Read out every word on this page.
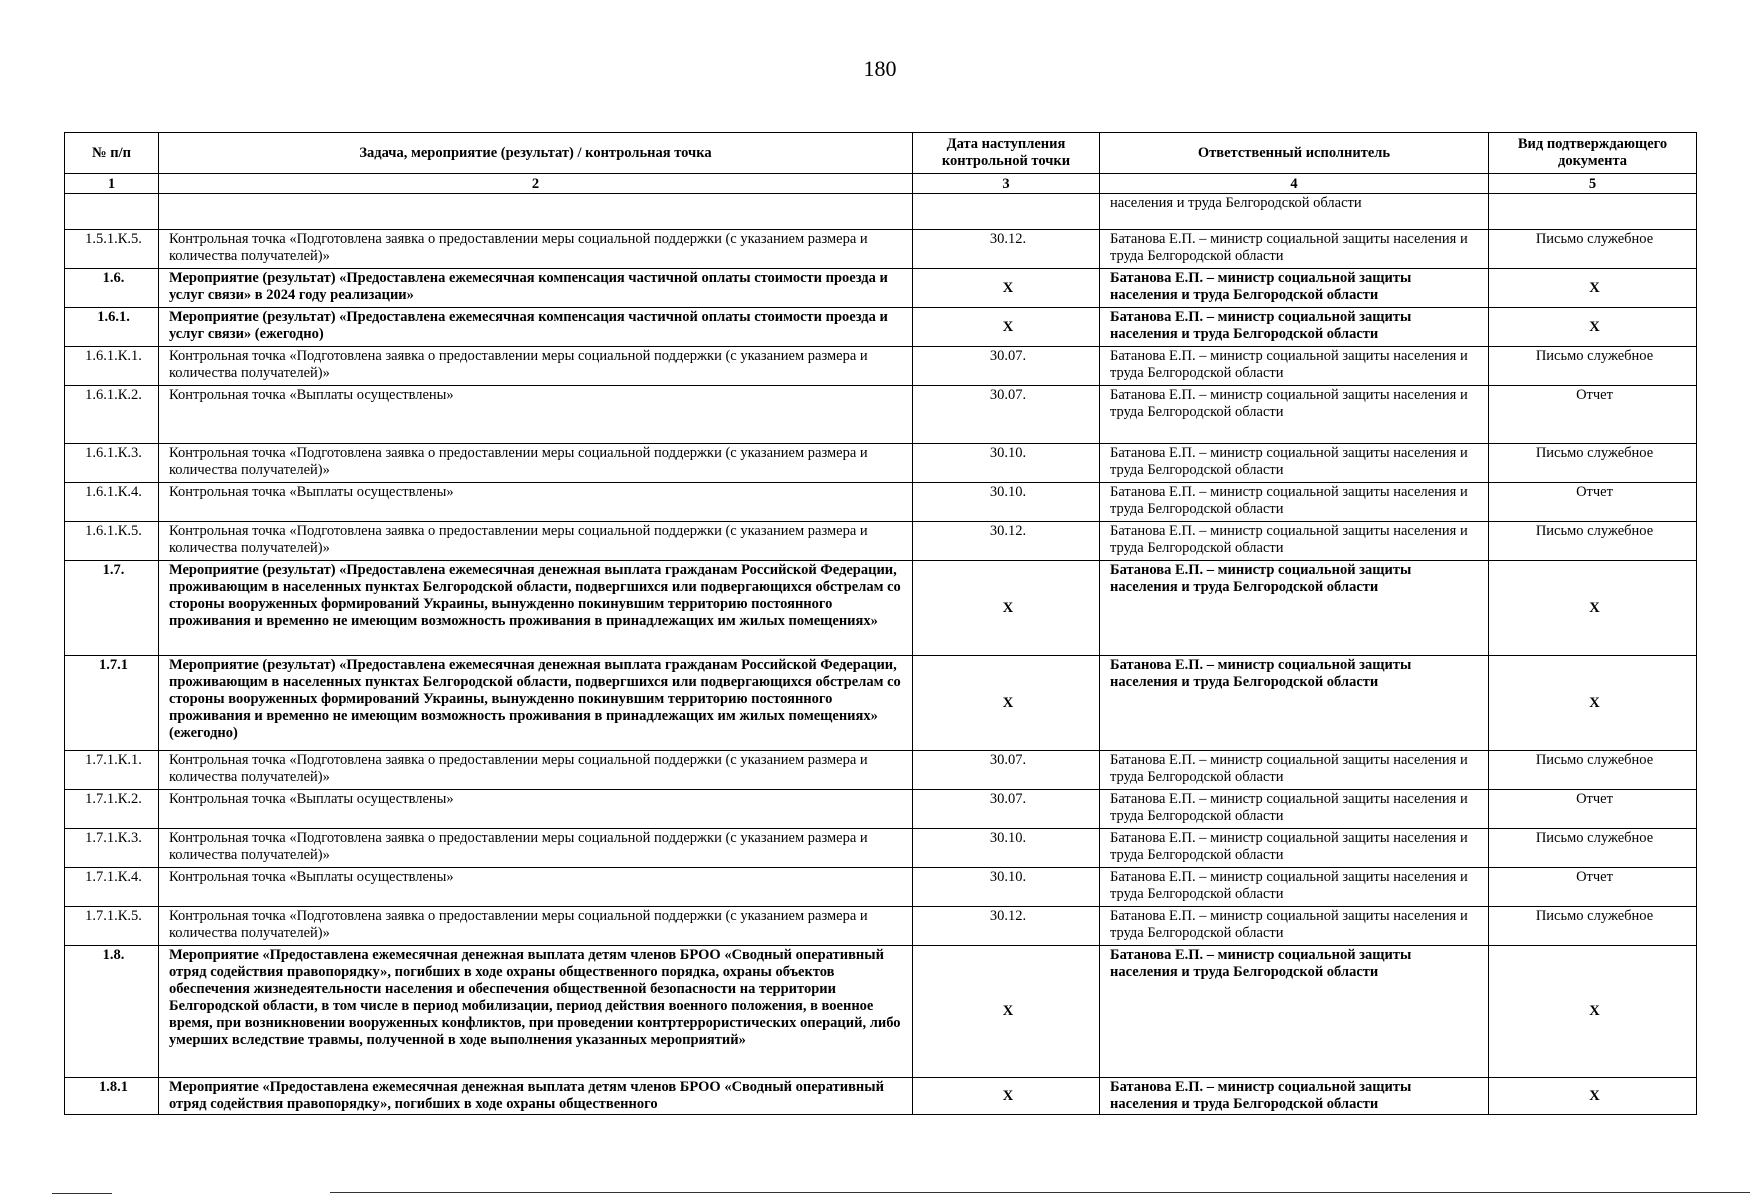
180
№ п/п	Задача, мероприятие (результат) / контрольная точка	Дата наступления контрольной точки	Ответственный исполнитель	Вид подтверждающего документа
1	2	3	4	5
			населения и труда Белгородской области	
1.5.1.К.5.	Контрольная точка «Подготовлена заявка о предоставлении меры социальной поддержки (с указанием размера и количества получателей)»	30.12.	Батанова Е.П. – министр социальной защиты населения и труда Белгородской области	Письмо служебное
1.6.	Мероприятие (результат) «Предоставлена ежемесячная компенсация частичной оплаты стоимости проезда и услуг связи» в 2024 году реализации»	X	Батанова Е.П. – министр социальной защиты населения и труда Белгородской области	X
1.6.1.	Мероприятие (результат) «Предоставлена ежемесячная компенсация частичной оплаты стоимости проезда и услуг связи» (ежегодно)	X	Батанова Е.П. – министр социальной защиты населения и труда Белгородской области	X
1.6.1.К.1.	Контрольная точка «Подготовлена заявка о предоставлении меры социальной поддержки (с указанием размера и количества получателей)»	30.07.	Батанова Е.П. – министр социальной защиты населения и труда Белгородской области	Письмо служебное
1.6.1.К.2.	Контрольная точка «Выплаты осуществлены»	30.07.	Батанова Е.П. – министр социальной защиты населения и труда Белгородской области	Отчет
1.6.1.К.3.	Контрольная точка «Подготовлена заявка о предоставлении меры социальной поддержки (с указанием размера и количества получателей)»	30.10.	Батанова Е.П. – министр социальной защиты населения и труда Белгородской области	Письмо служебное
1.6.1.К.4.	Контрольная точка «Выплаты осуществлены»	30.10.	Батанова Е.П. – министр социальной защиты населения и труда Белгородской области	Отчет
1.6.1.К.5.	Контрольная точка «Подготовлена заявка о предоставлении меры социальной поддержки (с указанием размера и количества получателей)»	30.12.	Батанова Е.П. – министр социальной защиты населения и труда Белгородской области	Письмо служебное
1.7.	Мероприятие (результат) «Предоставлена ежемесячная денежная выплата гражданам Российской Федерации, проживающим в населенных пунктах Белгородской области, подвергшихся или подвергающихся обстрелам со стороны вооруженных формирований Украины, вынужденно покинувшим территорию постоянного проживания и временно не имеющим возможность проживания в принадлежащих им жилых помещениях»	X	Батанова Е.П. – министр социальной защиты населения и труда Белгородской области	X
1.7.1	Мероприятие (результат) «Предоставлена ежемесячная денежная выплата гражданам Российской Федерации, проживающим в населенных пунктах Белгородской области, подвергшихся или подвергающихся обстрелам со стороны вооруженных формирований Украины, вынужденно покинувшим территорию постоянного проживания и временно не имеющим возможность проживания в принадлежащих им жилых помещениях» (ежегодно)	X	Батанова Е.П. – министр социальной защиты населения и труда Белгородской области	X
1.7.1.К.1.	Контрольная точка «Подготовлена заявка о предоставлении меры социальной поддержки (с указанием размера и количества получателей)»	30.07.	Батанова Е.П. – министр социальной защиты населения и труда Белгородской области	Письмо служебное
1.7.1.К.2.	Контрольная точка «Выплаты осуществлены»	30.07.	Батанова Е.П. – министр социальной защиты населения и труда Белгородской области	Отчет
1.7.1.К.3.	Контрольная точка «Подготовлена заявка о предоставлении меры социальной поддержки (с указанием размера и количества получателей)»	30.10.	Батанова Е.П. – министр социальной защиты населения и труда Белгородской области	Письмо служебное
1.7.1.К.4.	Контрольная точка «Выплаты осуществлены»	30.10.	Батанова Е.П. – министр социальной защиты населения и труда Белгородской области	Отчет
1.7.1.К.5.	Контрольная точка «Подготовлена заявка о предоставлении меры социальной поддержки (с указанием размера и количества получателей)»	30.12.	Батанова Е.П. – министр социальной защиты населения и труда Белгородской области	Письмо служебное
1.8.	Мероприятие «Предоставлена ежемесячная денежная выплата детям членов БРОО «Сводный оперативный отряд содействия правопорядку», погибших в ходе охраны общественного порядка, охраны объектов обеспечения жизнедеятельности населения и обеспечения общественной безопасности на территории Белгородской области, в том числе в период мобилизации, период действия военного положения, в военное время, при возникновении вооруженных конфликтов, при проведении контртеррористических операций, либо умерших вследствие травмы, полученной в ходе выполнения указанных мероприятий»	X	Батанова Е.П. – министр социальной защиты населения и труда Белгородской области	X
1.8.1	Мероприятие «Предоставлена ежемесячная денежная выплата детям членов БРОО «Сводный оперативный отряд содействия правопорядку», погибших в ходе охраны общественного	X	Батанова Е.П. – министр социальной защиты населения и труда Белгородской области	X
